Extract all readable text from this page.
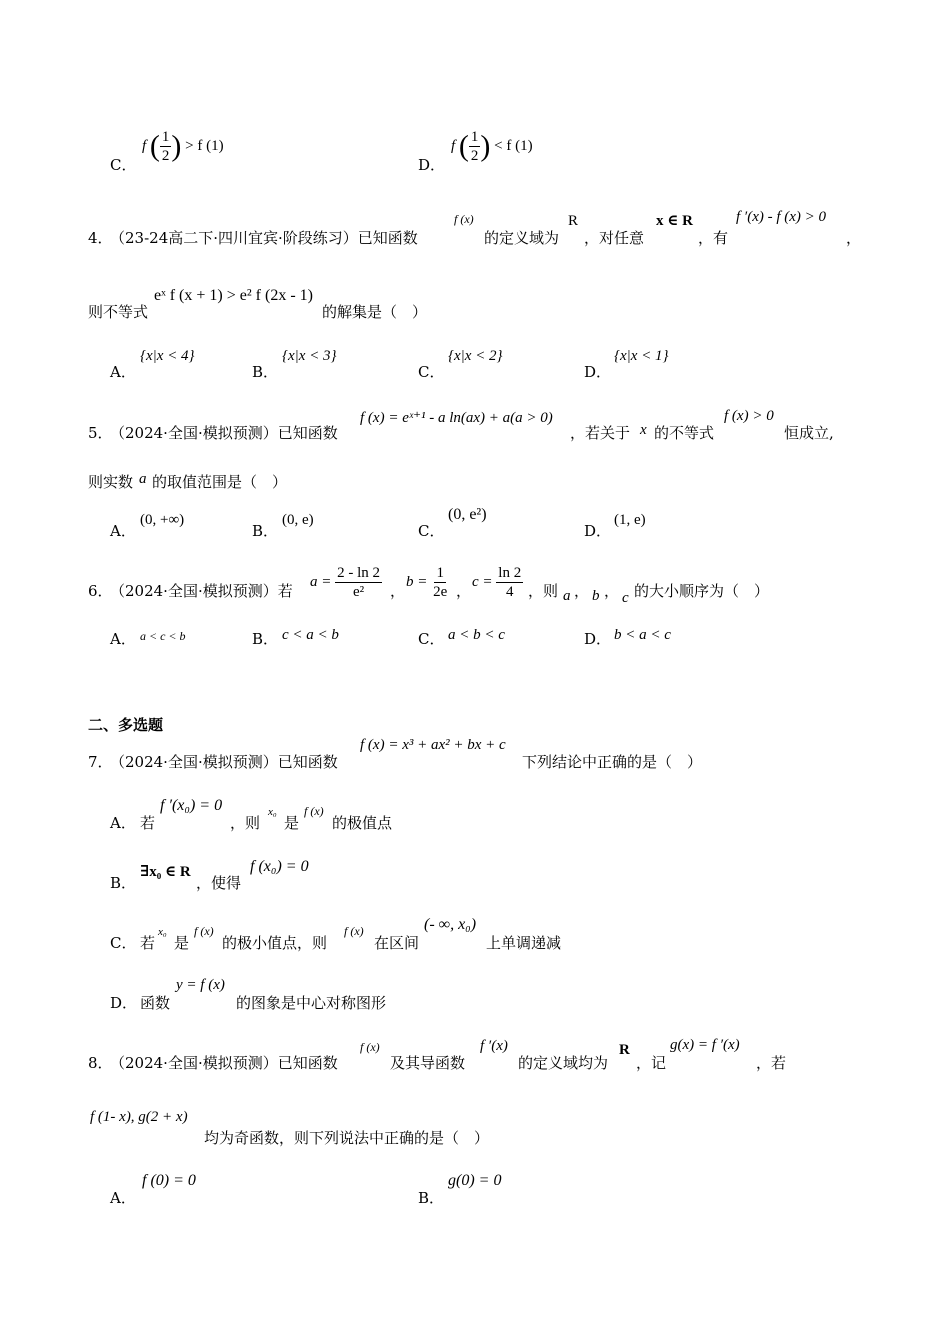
C．
f ( $\frac{1}{2}$ ) > f (1)
D．
f ( $\frac{1}{2}$ ) < f (1)
4．
（23-24高二下·四川宜宾·阶段练习）已知函数
f (x)
的定义域为
R
，对任意
x ∈ R
，有
f ′(x) - f (x) > 0
，
则不等式
eˣ f (x + 1) > e² f (2x - 1)
的解集是（　）
A．
{x|x < 4}
B．
{x|x < 3}
C．
{x|x < 2}
D．
{x|x < 1}
5．
（2024·全国·模拟预测）已知函数
f (x) = eˣ⁺¹ - a ln(ax) + a(a > 0)
，若关于 x 的不等式
f (x) > 0
恒成立,
则实数 a 的取值范围是（　）
A．
(0, +∞)
B．
(0, e)
C．
(0, e²)
D．
(1, e)
6．
（2024·全国·模拟预测）若
$a = \frac{2 - \ln 2}{\text{e²}}$ ，
$b = \frac{1}{2e}$ ，
$c = \frac{\ln 2}{4}$ ，则 a ， b ， c 的大小顺序为（　）
A． a < c < b	B． c < a < b	C． a < b < c	D． b < a < c
二、多选题
7．
（2024·全国·模拟预测）已知函数
f (x) = x³ + ax² + bx + c
下列结论中正确的是（　）
A． 若
f ′(x₀) = 0
，则
x₀
是
f (x)
的极值点
B．
∃x₀ ∈ R
，使得
f (x₀) = 0
C． 若
x₀
是
f (x)
的极小值点，则
f (x)
在区间
(- ∞, x₀)
上单调递减
D． 函数
y = f (x)
的图象是中心对称图形
8．
（2024·全国·模拟预测）已知函数
f (x)
及其导函数
f ′(x)
的定义域均为
R
，记
g(x) = f ′(x)
，若
f (1- x), g(2 + x)
均为奇函数，则下列说法中正确的是（　）
A．
f (0) = 0
B．
g(0) = 0
